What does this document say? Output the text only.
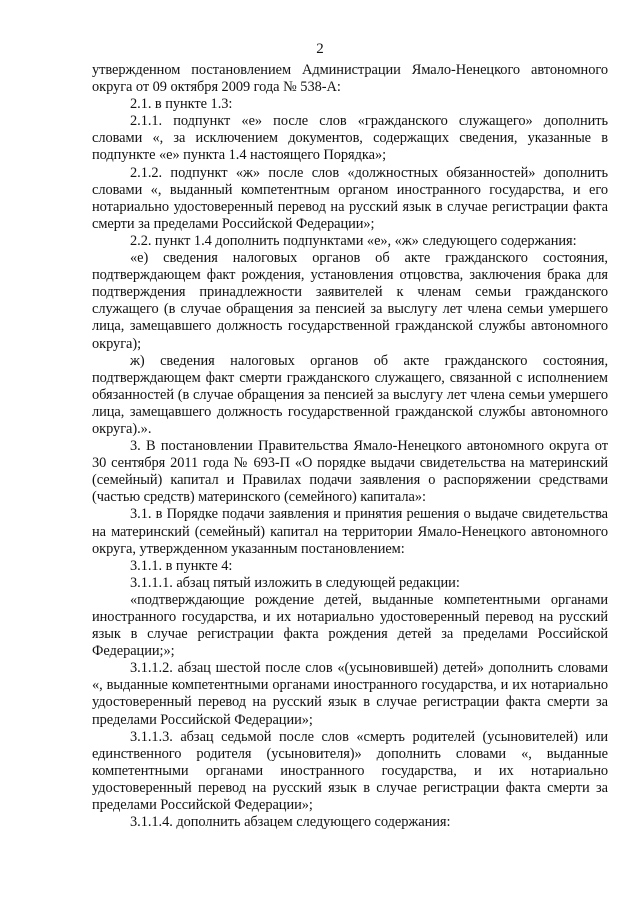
2

утвержденном постановлением Администрации Ямало-Ненецкого автономного округа от 09 октября 2009 года № 538-А:

2.1. в пункте 1.3:

2.1.1. подпункт «е» после слов «гражданского служащего» дополнить словами «, за исключением документов, содержащих сведения, указанные в подпункте «е» пункта 1.4 настоящего Порядка»;

2.1.2. подпункт «ж» после слов «должностных обязанностей» дополнить словами «, выданный компетентным органом иностранного государства, и его нотариально удостоверенный перевод на русский язык в случае регистрации факта смерти за пределами Российской Федерации»;

2.2. пункт 1.4 дополнить подпунктами «е», «ж» следующего содержания:

«е) сведения налоговых органов об акте гражданского состояния, подтверждающем факт рождения, установления отцовства, заключения брака для подтверждения принадлежности заявителей к членам семьи гражданского служащего (в случае обращения за пенсией за выслугу лет члена семьи умершего лица, замещавшего должность государственной гражданской службы автономного округа);

ж) сведения налоговых органов об акте гражданского состояния, подтверждающем факт смерти гражданского служащего, связанной с исполнением обязанностей (в случае обращения за пенсией за выслугу лет члена семьи умершего лица, замещавшего должность государственной гражданской службы автономного округа).».

3. В постановлении Правительства Ямало-Ненецкого автономного округа от 30 сентября 2011 года № 693-П «О порядке выдачи свидетельства на материнский (семейный) капитал и Правилах подачи заявления о распоряжении средствами (частью средств) материнского (семейного) капитала»:

3.1. в Порядке подачи заявления и принятия решения о выдаче свидетельства на материнский (семейный) капитал на территории Ямало-Ненецкого автономного округа, утвержденном указанным постановлением:

3.1.1. в пункте 4:

3.1.1.1. абзац пятый изложить в следующей редакции:

«подтверждающие рождение детей, выданные компетентными органами иностранного государства, и их нотариально удостоверенный перевод на русский язык в случае регистрации факта рождения детей за пределами Российской Федерации;»;

3.1.1.2. абзац шестой после слов «(усыновившей) детей» дополнить словами «, выданные компетентными органами иностранного государства, и их нотариально удостоверенный перевод на русский язык в случае регистрации факта смерти за пределами Российской Федерации»;

3.1.1.3. абзац седьмой после слов «смерть родителей (усыновителей) или единственного родителя (усыновителя)» дополнить словами «, выданные компетентными органами иностранного государства, и их нотариально удостоверенный перевод на русский язык в случае регистрации факта смерти за пределами Российской Федерации»;

3.1.1.4. дополнить абзацем следующего содержания:
